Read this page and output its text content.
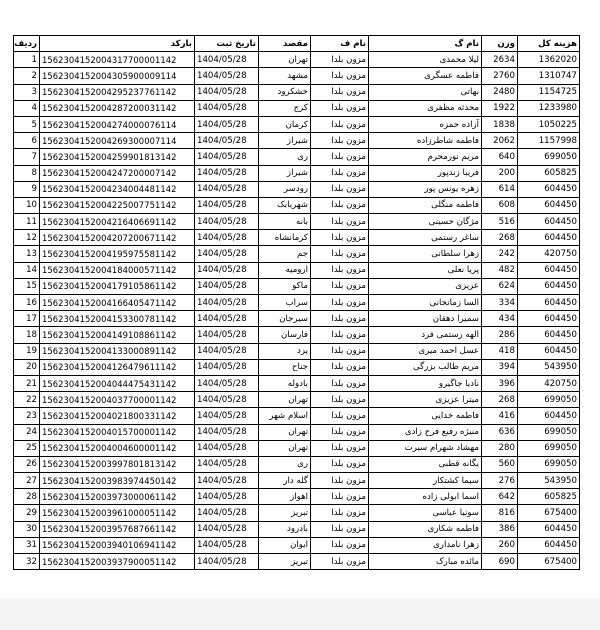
ردیف	بارکد	تاریخ ثبت	مقصد	نام ف	نام گ	وزن	هزینه کل
1	1562304152004317700001142	1404/05/28	تهران	مزون بلدا	لیلا محمدی	2634	1362020
2	1562304152004305900009114	1404/05/28	مشهد	مزون بلدا	فاطمه عسگری	2760	1310747
3	1562304152004295237761142	1404/05/28	خشکرود	مزون بلدا	بهاتی	2480	1154725
4	1562304152004287200031142	1404/05/28	کرج	مزون بلدا	محدثه مظفری	1922	1233980
5	1562304152004274000076114	1404/05/28	کرمان	مزون بلدا	آزاده حمزه	1838	1050225
6	1562304152004269300007114	1404/05/28	شیراز	مزون بلدا	فاطمه شاطرزاده	2062	1157998
7	1562304152004259901813142	1404/05/28	ری	مزون بلدا	مریم نورمحرم	640	699050
8	1562304152004247200007142	1404/05/28	شیراز	مزون بلدا	فریبا زندپور	200	605825
9	1562304152004234004481142	1404/05/28	رودسر	مزون بلدا	زهره یونس پور	614	604450
10	1562304152004225007751142	1404/05/28	شهربابک	مزون بلدا	فاطمه منگلی	608	604450
11	1562304152004216406691142	1404/05/28	بانه	مزون بلدا	مژگان حسینی	516	604450
12	1562304152004207200671142	1404/05/28	کرمانشاه	مزون بلدا	ساغر رستمی	268	604450
13	1562304152004195975581142	1404/05/28	جم	مزون بلدا	زهرا سلطانی	242	420750
14	1562304152004184000571142	1404/05/28	ارومیه	مزون بلدا	پریا نعلی	482	604450
15	1562304152004179105861142	1404/05/28	ماکو	مزون بلدا	عزیزی	624	604450
16	1562304152004166405471142	1404/05/28	سراب	مزون بلدا	السا زمانخانی	334	604450
17	1562304152004153300781142	1404/05/28	سیرجان	مزون بلدا	سمیرا دهقان	434	604450
18	1562304152004149108861142	1404/05/28	فارسان	مزون بلدا	الهه رستمی فرد	286	604450
19	1562304152004133000891142	1404/05/28	یزد	مزون بلدا	عسل احمد میری	418	604450
20	1562304152004126479611142	1404/05/28	جناح	مزون بلدا	مریم طالب بزرگی	394	543950
21	1562304152004044475431142	1404/05/28	بادوله	مزون بلدا	نادیا جاگیرو	396	420750
22	1562304152004037700001142	1404/05/28	تهران	مزون بلدا	میترا عزیزی	268	699050
23	1562304152004021800331142	1404/05/28	اسلام شهر	مزون بلدا	فاطمه خدایی	416	604450
24	1562304152004015700001142	1404/05/28	تهران	مزون بلدا	منیژه رفیع فرح زادی	636	699050
25	1562304152004004600001142	1404/05/28	تهران	مزون بلدا	مهشاد شهرام سیرت	280	699050
26	1562304152003997801813142	1404/05/28	ری	مزون بلدا	یگانه قطبی	560	699050
27	1562304152003983974450142	1404/05/28	گله دار	مزون بلدا	سیما کشتکار	276	543950
28	1562304152003973000061142	1404/05/28	اهواز	مزون بلدا	اسما ابولی زاده	642	605825
29	1562304152003961000051142	1404/05/28	تبریز	مزون بلدا	سونیا عباسی	816	675400
30	1562304152003957687661142	1404/05/28	بادرود	مزون بلدا	فاطمه شکاری	386	604450
31	1562304152003940106941142	1404/05/28	ایوان	مزون بلدا	زهرا نامداری	260	604450
32	1562304152003937900051142	1404/05/28	تبریز	مزون بلدا	مائده مبارک	690	675400
